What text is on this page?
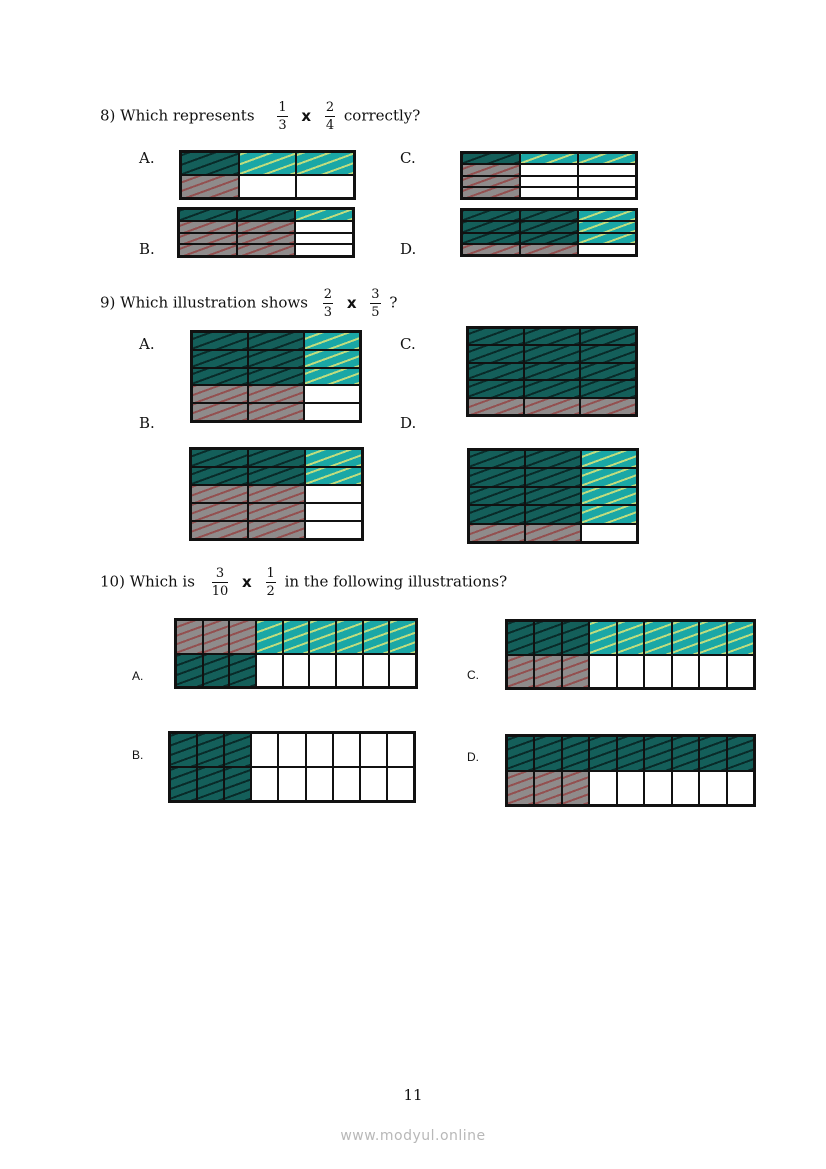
8) Which represents $\frac{1}{3}$ x $\frac{2}{4}$ correctly?
A.
B.
C.
D.
9) Which illustration shows $\frac{2}{3}$ x $\frac{3}{5}$ ?
A.
B.
C.
D.
10) Which is $\frac{3}{10}$ x $\frac{1}{2}$ in the following illustrations?
A.
B.
C.
D.
11
www.modyul.online
